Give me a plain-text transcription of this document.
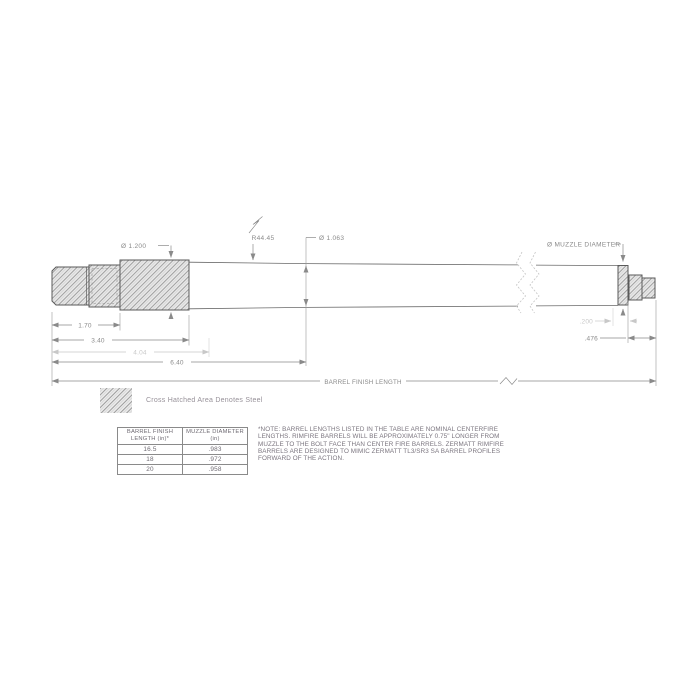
1.70
3.40
4.04
6.40
BARREL FINISH LENGTH
.200
.476
Ø 1.200
R44.45	Ø 1.063
Ø MUZZLE DIAMETER
Cross Hatched Area Denotes Steel
BARREL FINISH
LENGTH (in)*

MUZZLE DIAMETER
(in)

16.5	.983
18	.972
20	.958
*NOTE: BARREL LENGTHS LISTED IN THE TABLE ARE NOMINAL CENTERFIRE
LENGTHS. RIMFIRE BARRELS WILL BE APPROXIMATELY 0.75" LONGER FROM
MUZZLE TO THE BOLT FACE THAN CENTER FIRE BARRELS. ZERMATT RIMFIRE
BARRELS ARE DESIGNED TO MIMIC ZERMATT TL3/SR3 SA BARREL PROFILES
FORWARD OF THE ACTION.
